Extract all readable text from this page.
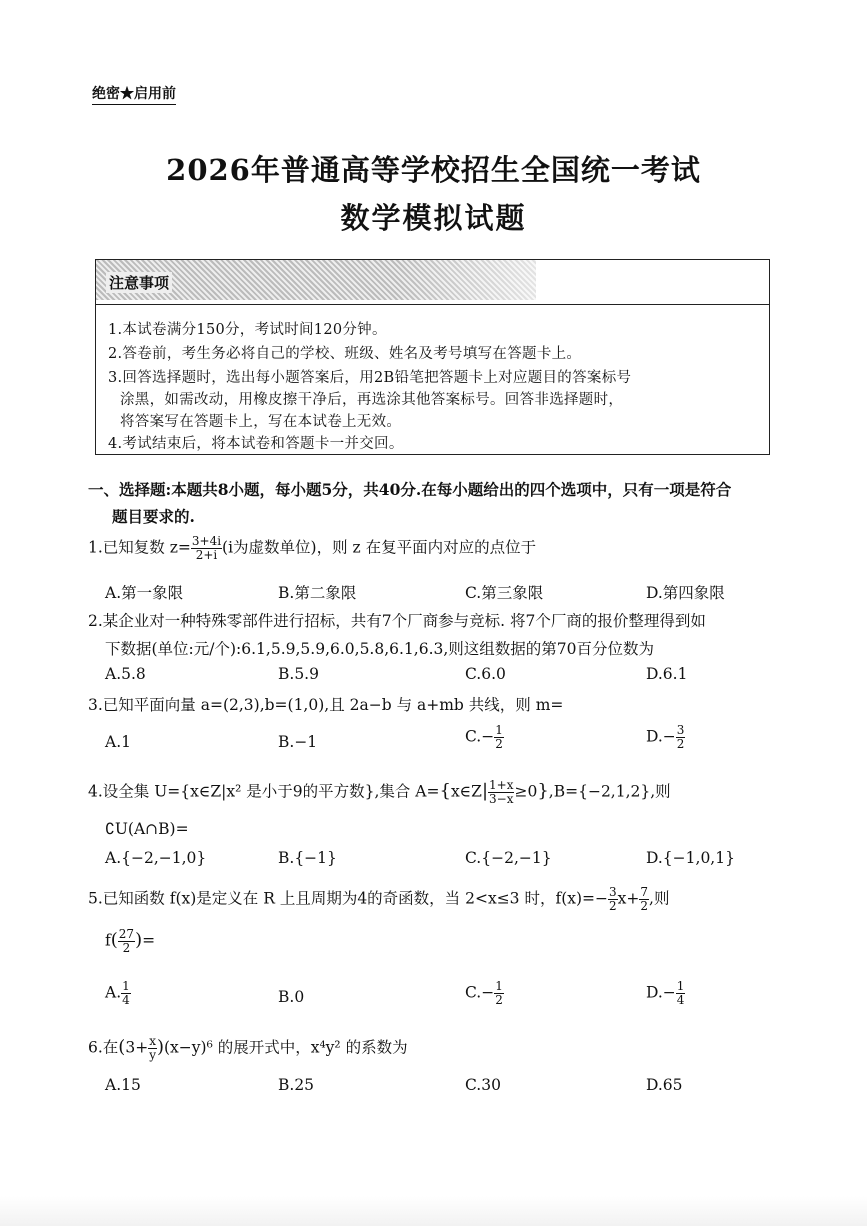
绝密★启用前
2026年普通高等学校招生全国统一考试
数学模拟试题
注意事项
1.本试卷满分150分，考试时间120分钟。
2.答卷前，考生务必将自己的学校、班级、姓名及考号填写在答题卡上。
3.回答选择题时，选出每小题答案后，用2B铅笔把答题卡上对应题目的答案标号
涂黑，如需改动，用橡皮擦干净后，再选涂其他答案标号。回答非选择题时，
将答案写在答题卡上，写在本试卷上无效。
4.考试结束后，将本试卷和答题卡一并交回。
一、选择题:本题共8小题，每小题5分，共40分.在每小题给出的四个选项中，只有一项是符合
题目要求的.
1.已知复数 $z= \frac{3+4i}{2+i} (i$为虚数单位)，则 z 在复平面内对应的点位于
A.第一象限	B.第二象限	C.第三象限	D.第四象限
2.某企业对一种特殊零部件进行招标，共有7个厂商参与竞标. 将7个厂商的报价整理得到如
下数据(单位:元/个):6.1,5.9,5.9,6.0,5.8,6.1,6.3,则这组数据的第70百分位数为
A.5.8	B.5.9	C.6.0	D.6.1
3.已知平面向量 a=(2,3),b=(1,0),且 2a−b 与 a+mb 共线，则 m=
A.1	B.−1	$C.- \frac{1}{2}$	$D.- \frac{3}{2}$
4.设全集 U={x∈Z|x² 是小于9的平方数},集合 A={x∈Z| $\frac{1+x}{3-x} \ge 0\},B=\{-2,1,2\}$,则
∁U(A∩B)=
A.{−2,−1,0}	B.{−1}	C.{−2,−1}	D.{−1,0,1}
5.已知函数 f(x)是定义在 R 上且周期为4的奇函数，当 2<x≤3 时，$f(x)=- \frac{3}{2} x+ \frac{7}{2}$ ,则
$f( \frac{27}{2}$ )=
A. $\frac{1}{4}$	B.0	$C.- \frac{1}{2}$	$D.- \frac{1}{4}$
6.在$(3+ \frac{x}{y} )(x-y)^6$ 的展开式中，x⁴y² 的系数为
A.15	B.25	C.30	D.65
